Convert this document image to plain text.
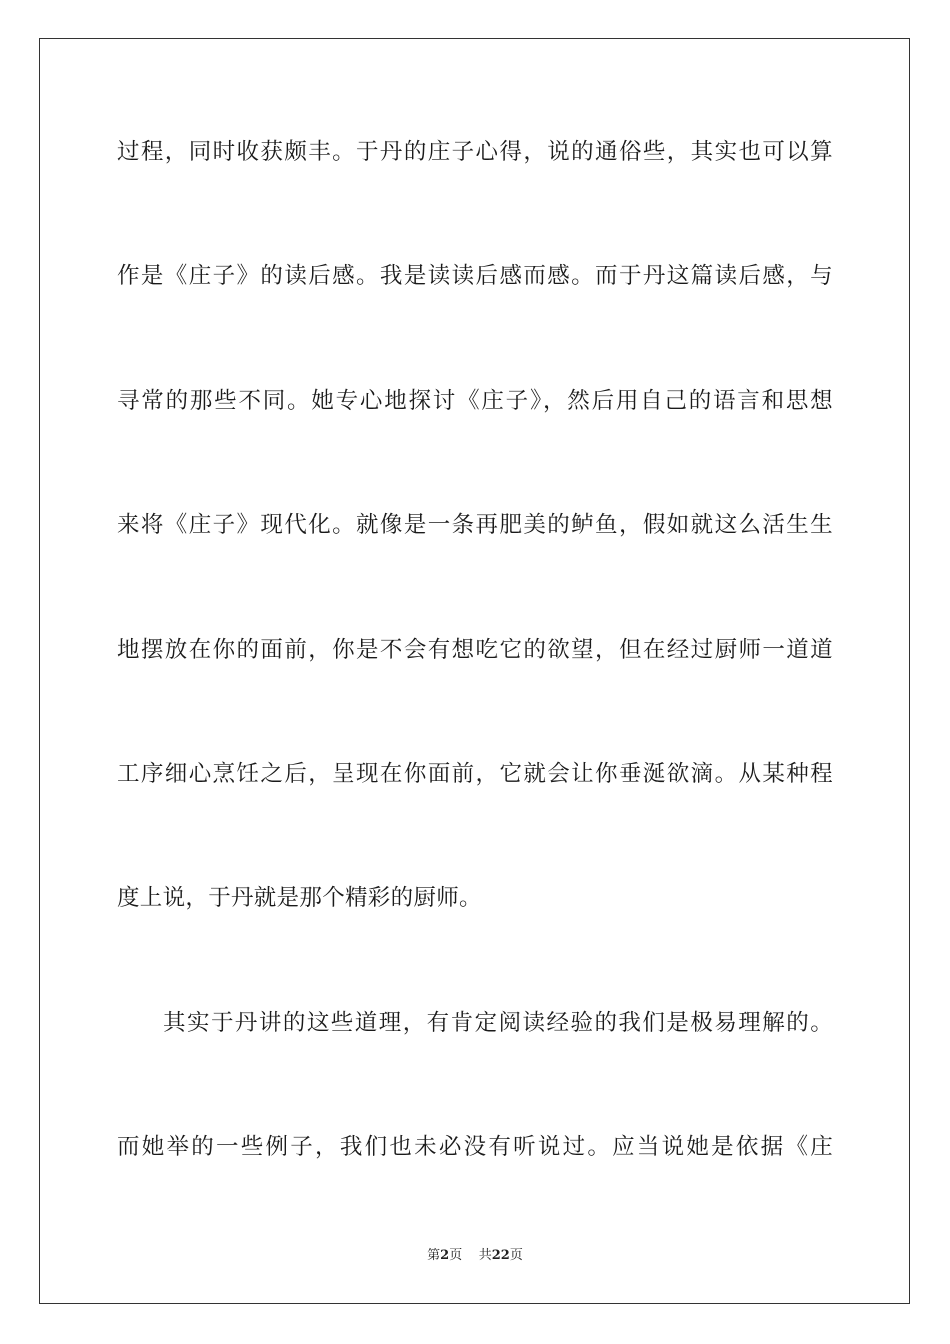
过程，同时收获颇丰。于丹的庄子心得，说的通俗些，其实也可以算
作是《庄子》的读后感。我是读读后感而感。而于丹这篇读后感，与
寻常的那些不同。她专心地探讨《庄子》，然后用自己的语言和思想
来将《庄子》现代化。就像是一条再肥美的鲈鱼，假如就这么活生生
地摆放在你的面前，你是不会有想吃它的欲望，但在经过厨师一道道
工序细心烹饪之后，呈现在你面前，它就会让你垂涎欲滴。从某种程
度上说，于丹就是那个精彩的厨师。
其实于丹讲的这些道理，有肯定阅读经验的我们是极易理解的。
而她举的一些例子，我们也未必没有听说过。应当说她是依据《庄
第2页 共22页
